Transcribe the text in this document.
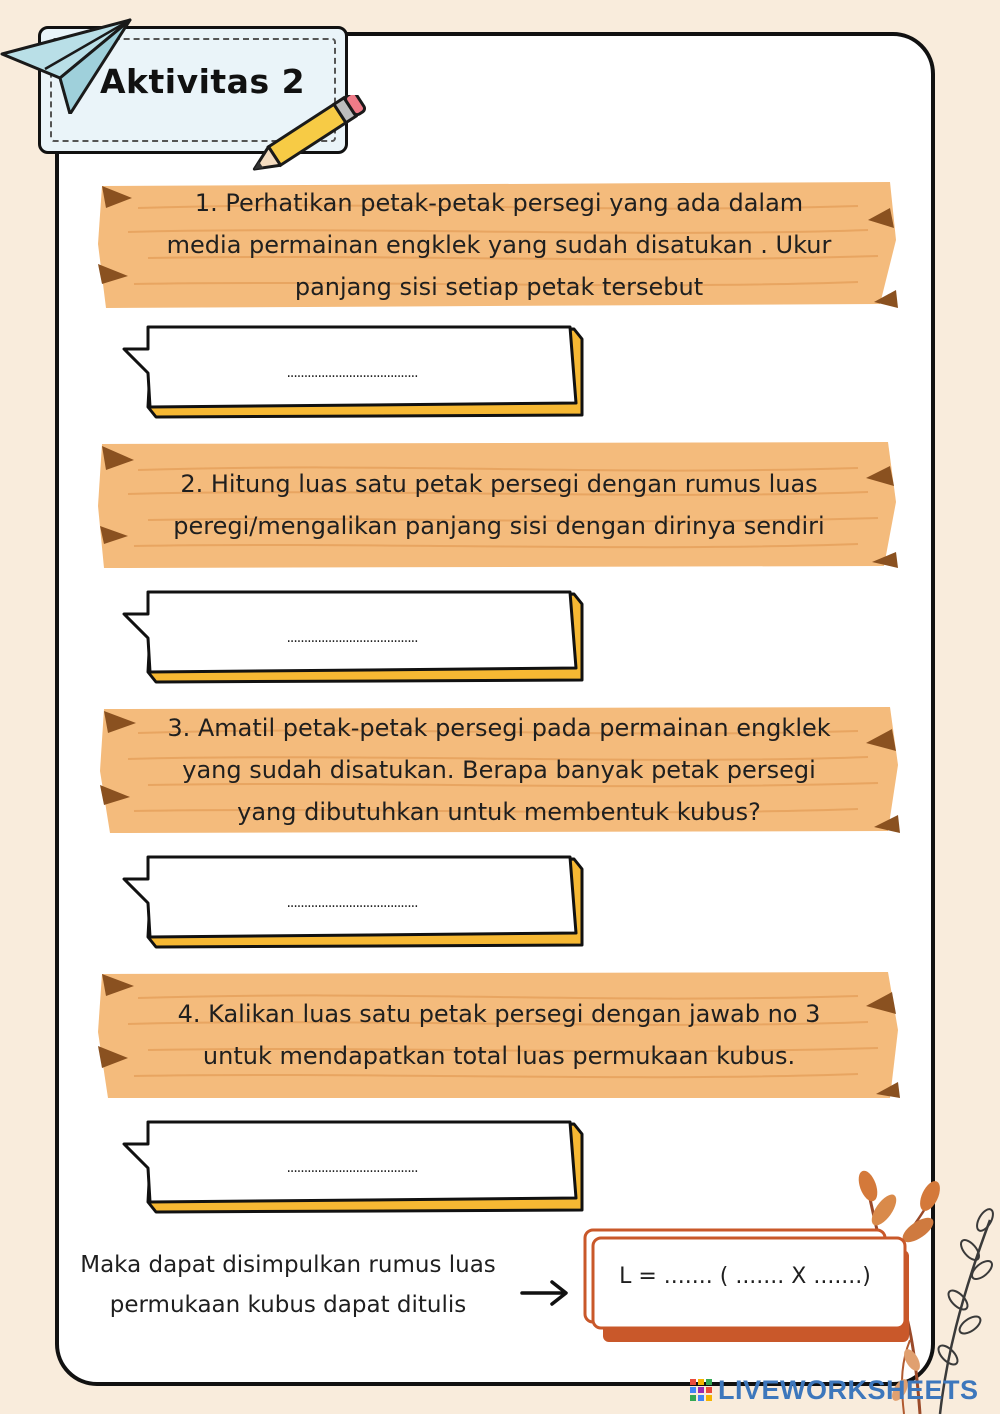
Aktivitas 2
1. Perhatikan petak-petak persegi yang ada dalam media permainan engklek yang sudah disatukan . Ukur panjang sisi setiap petak tersebut
......................................
2. Hitung luas satu petak persegi dengan rumus luas peregi/mengalikan panjang sisi dengan dirinya sendiri
......................................
3. Amatil petak-petak persegi pada permainan engklek yang sudah disatukan. Berapa banyak petak persegi yang dibutuhkan untuk membentuk kubus?
......................................
4. Kalikan luas satu petak persegi dengan jawab no 3 untuk mendapatkan total luas permukaan kubus.
......................................
Maka dapat disimpulkan rumus luas permukaan kubus dapat ditulis
L = ....... ( ....... X .......)
LIVEWORKSHEETS
